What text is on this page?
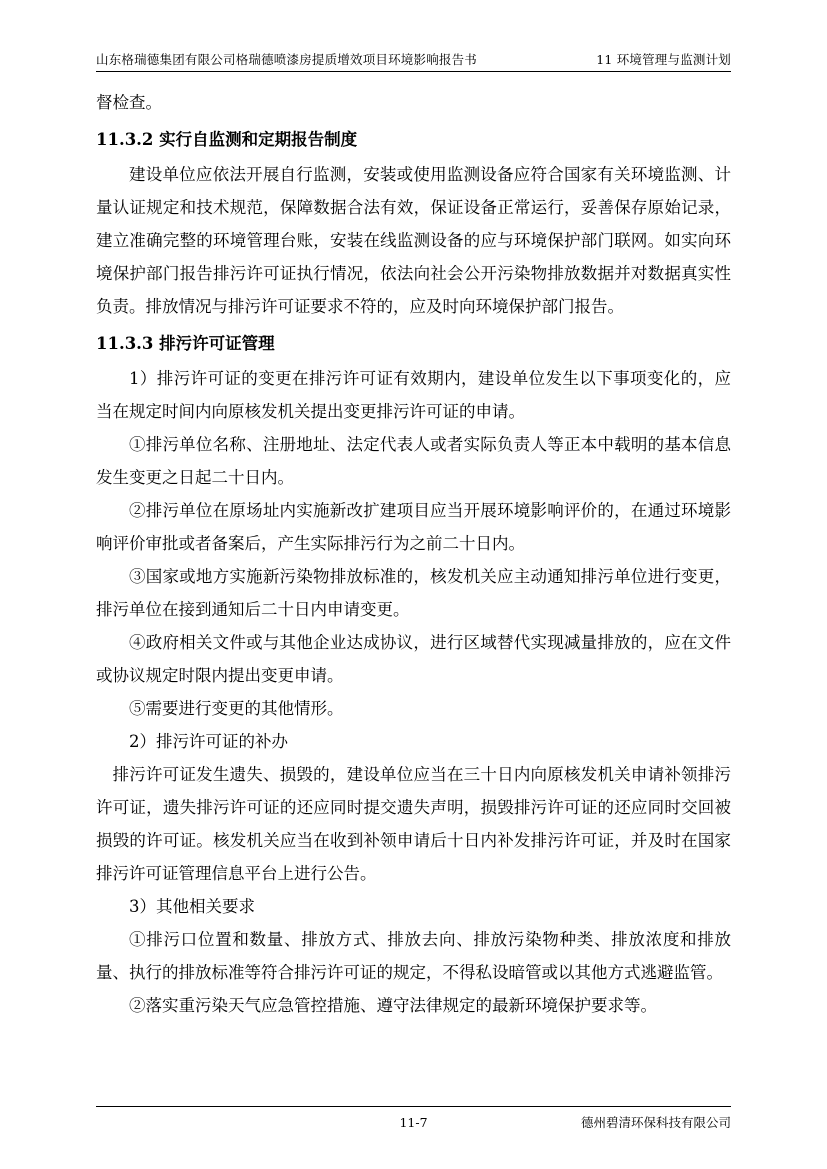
山东格瑞德集团有限公司格瑞德喷漆房提质增效项目环境影响报告书	11 环境管理与监测计划

督检查。

11.3.2 实行自监测和定期报告制度

建设单位应依法开展自行监测，安装或使用监测设备应符合国家有关环境监测、计量认证规定和技术规范，保障数据合法有效，保证设备正常运行，妥善保存原始记录，建立准确完整的环境管理台账，安装在线监测设备的应与环境保护部门联网。如实向环境保护部门报告排污许可证执行情况，依法向社会公开污染物排放数据并对数据真实性负责。排放情况与排污许可证要求不符的，应及时向环境保护部门报告。

11.3.3 排污许可证管理

1）排污许可证的变更在排污许可证有效期内，建设单位发生以下事项变化的，应当在规定时间内向原核发机关提出变更排污许可证的申请。

①排污单位名称、注册地址、法定代表人或者实际负责人等正本中载明的基本信息发生变更之日起二十日内。

②排污单位在原场址内实施新改扩建项目应当开展环境影响评价的，在通过环境影响评价审批或者备案后，产生实际排污行为之前二十日内。

③国家或地方实施新污染物排放标准的，核发机关应主动通知排污单位进行变更，排污单位在接到通知后二十日内申请变更。

④政府相关文件或与其他企业达成协议，进行区域替代实现减量排放的，应在文件或协议规定时限内提出变更申请。

⑤需要进行变更的其他情形。

2）排污许可证的补办

排污许可证发生遗失、损毁的，建设单位应当在三十日内向原核发机关申请补领排污许可证，遗失排污许可证的还应同时提交遗失声明，损毁排污许可证的还应同时交回被损毁的许可证。核发机关应当在收到补领申请后十日内补发排污许可证，并及时在国家排污许可证管理信息平台上进行公告。

3）其他相关要求

①排污口位置和数量、排放方式、排放去向、排放污染物种类、排放浓度和排放量、执行的排放标准等符合排污许可证的规定，不得私设暗管或以其他方式逃避监管。

②落实重污染天气应急管控措施、遵守法律规定的最新环境保护要求等。

11-7	德州碧清环保科技有限公司
